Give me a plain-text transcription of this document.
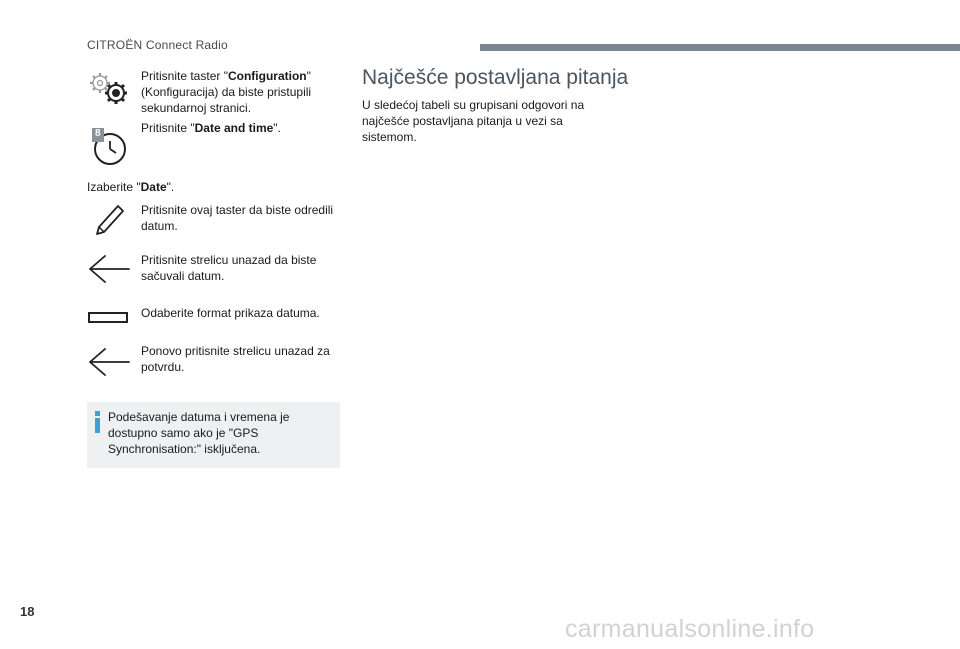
CITROËN Connect Radio
Pritisnite taster "Configuration" (Konfiguracija) da biste pristupili sekundarnoj stranici.
8	Pritisnite "Date and time".
Izaberite "Date".
Pritisnite ovaj taster da biste odredili datum.
Pritisnite strelicu unazad da biste sačuvali datum.
Odaberite format prikaza datuma.
Ponovo pritisnite strelicu unazad za potvrdu.
Podešavanje datuma i vremena je dostupno samo ako je "GPS Synchronisation:" isključena.
Najčešće postavljana pitanja
U sledećoj tabeli su grupisani odgovori na najčešće postavljana pitanja u vezi sa sistemom.
18
carmanualsonline.info
